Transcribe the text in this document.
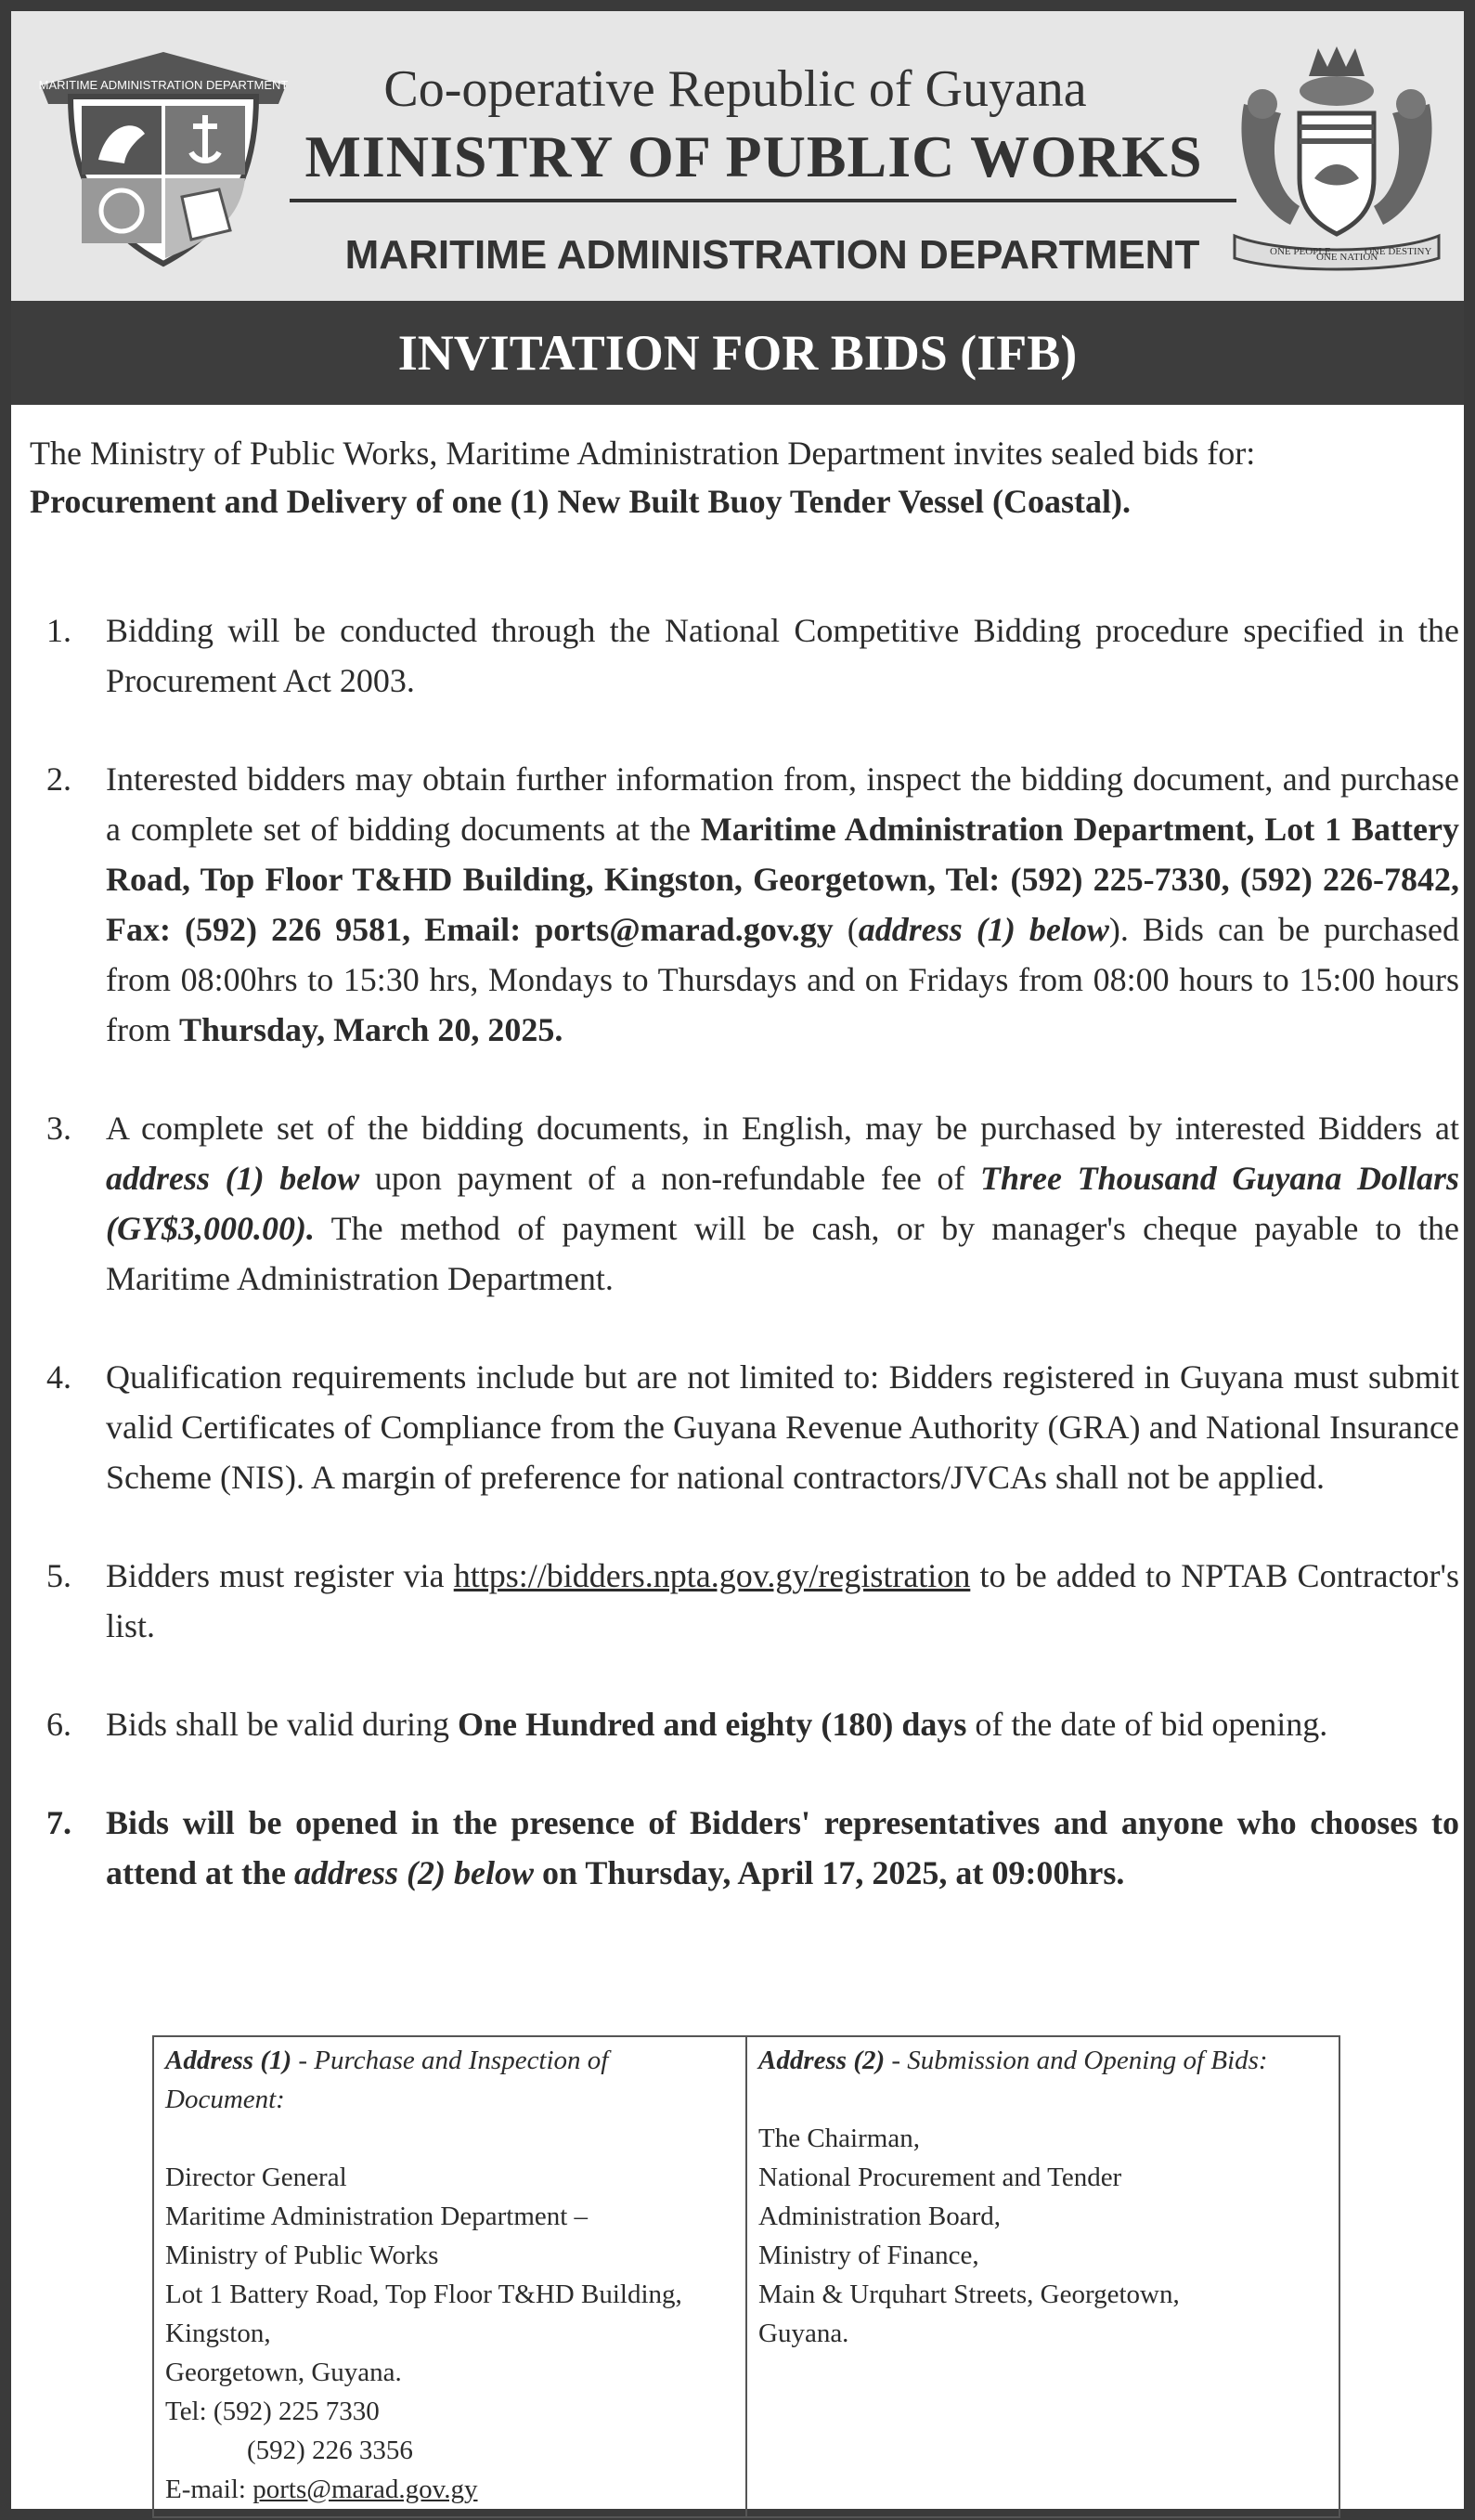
MARITIME ADMINISTRATION DEPARTMENT	Co-operative Republic of Guyana
MINISTRY OF PUBLIC WORKS
MARITIME ADMINISTRATION DEPARTMENT	ONE PEOPLE
ONE NATION
ONE DESTINY
INVITATION FOR BIDS (IFB)
The Ministry of Public Works, Maritime Administration Department invites sealed bids for:
Procurement and Delivery of one (1) New Built Buoy Tender Vessel (Coastal).
1. Bidding will be conducted through the National Competitive Bidding procedure specified in the Procurement Act 2003.
2. Interested bidders may obtain further information from, inspect the bidding document, and purchase a complete set of bidding documents at the Maritime Administration Department, Lot 1 Battery Road, Top Floor T&HD Building, Kingston, Georgetown, Tel: (592) 225-7330, (592) 226-7842, Fax: (592) 226 9581, Email: ports@marad.gov.gy (address (1) below). Bids can be purchased from 08:00hrs to 15:30 hrs, Mondays to Thursdays and on Fridays from 08:00 hours to 15:00 hours from Thursday, March 20, 2025.
3. A complete set of the bidding documents, in English, may be purchased by interested Bidders at address (1) below upon payment of a non-refundable fee of Three Thousand Guyana Dollars (GY$3,000.00). The method of payment will be cash, or by manager's cheque payable to the Maritime Administration Department.
4. Qualification requirements include but are not limited to: Bidders registered in Guyana must submit valid Certificates of Compliance from the Guyana Revenue Authority (GRA) and National Insurance Scheme (NIS). A margin of preference for national contractors/JVCAs shall not be applied.
5. Bidders must register via https://bidders.npta.gov.gy/registration to be added to NPTAB Contractor's list.
6. Bids shall be valid during One Hundred and eighty (180) days of the date of bid opening.
7. Bids will be opened in the presence of Bidders' representatives and anyone who chooses to attend at the address (2) below on Thursday, April 17, 2025, at 09:00hrs.
Address (1) - Purchase and Inspection of Document:
Director General
Maritime Administration Department –
Ministry of Public Works
Lot 1 Battery Road, Top Floor T&HD Building,
Kingston,
Georgetown, Guyana.
Tel: (592) 225 7330
(592) 226 3356
E-mail: ports@marad.gov.gy

Address (2) - Submission and Opening of Bids:
The Chairman,
National Procurement and Tender
Administration Board,
Ministry of Finance,
Main & Urquhart Streets, Georgetown,
Guyana.
